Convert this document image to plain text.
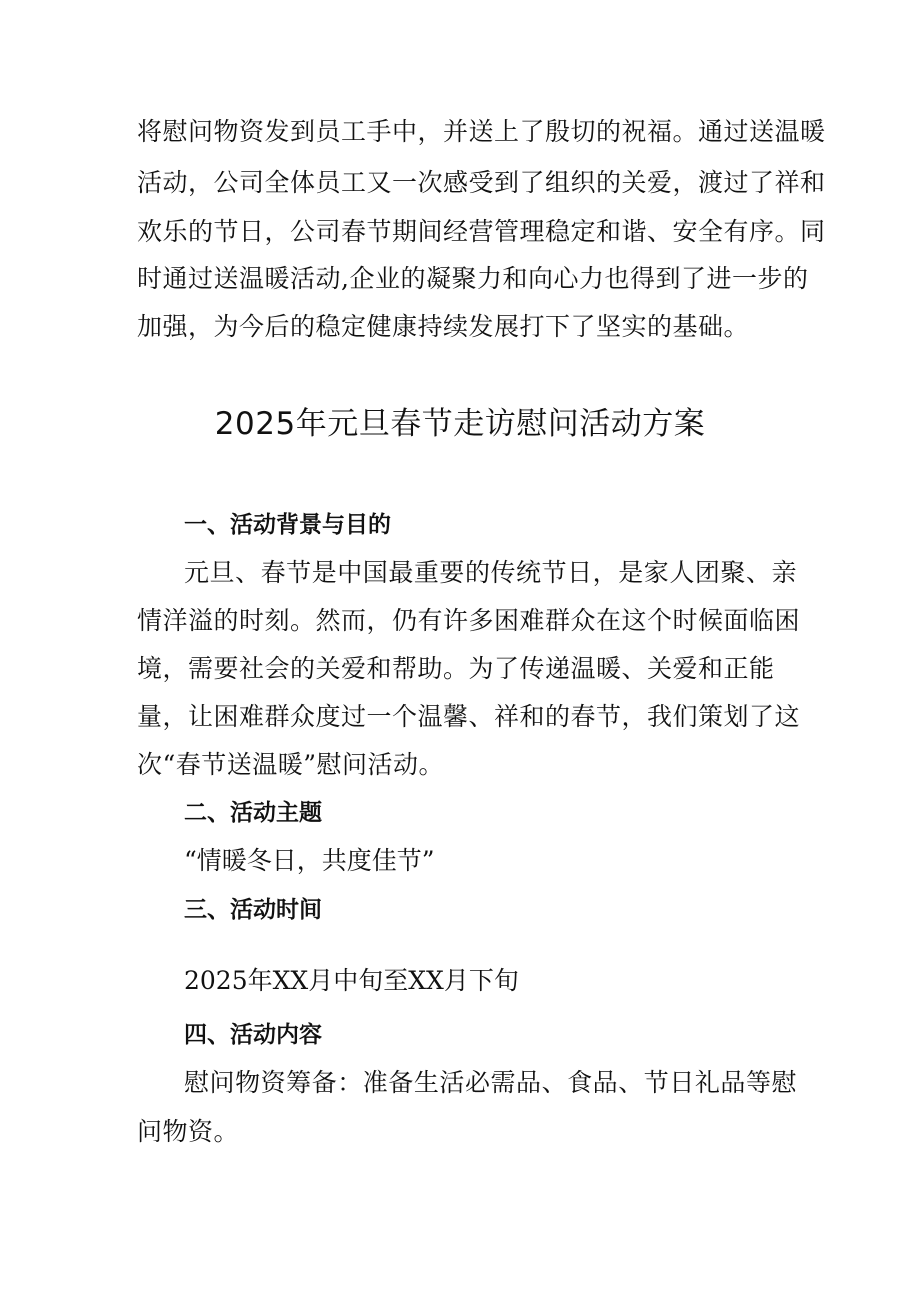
将慰问物资发到员工手中，并送上了殷切的祝福。通过送温暖
活动，公司全体员工又一次感受到了组织的关爱，渡过了祥和
欢乐的节日，公司春节期间经营管理稳定和谐、安全有序。同
时通过送温暖活动,企业的凝聚力和向心力也得到了进一步的
加强，为今后的稳定健康持续发展打下了坚实的基础。
2025年元旦春节走访慰问活动方案
一、活动背景与目的
元旦、春节是中国最重要的传统节日，是家人团聚、亲
情洋溢的时刻。然而，仍有许多困难群众在这个时候面临困
境，需要社会的关爱和帮助。为了传递温暖、关爱和正能
量，让困难群众度过一个温馨、祥和的春节，我们策划了这
次“春节送温暖”慰问活动。
二、活动主题
“情暖冬日，共度佳节”
三、活动时间
2025年XX月中旬至XX月下旬
四、活动内容
慰问物资筹备：准备生活必需品、食品、节日礼品等慰
问物资。
